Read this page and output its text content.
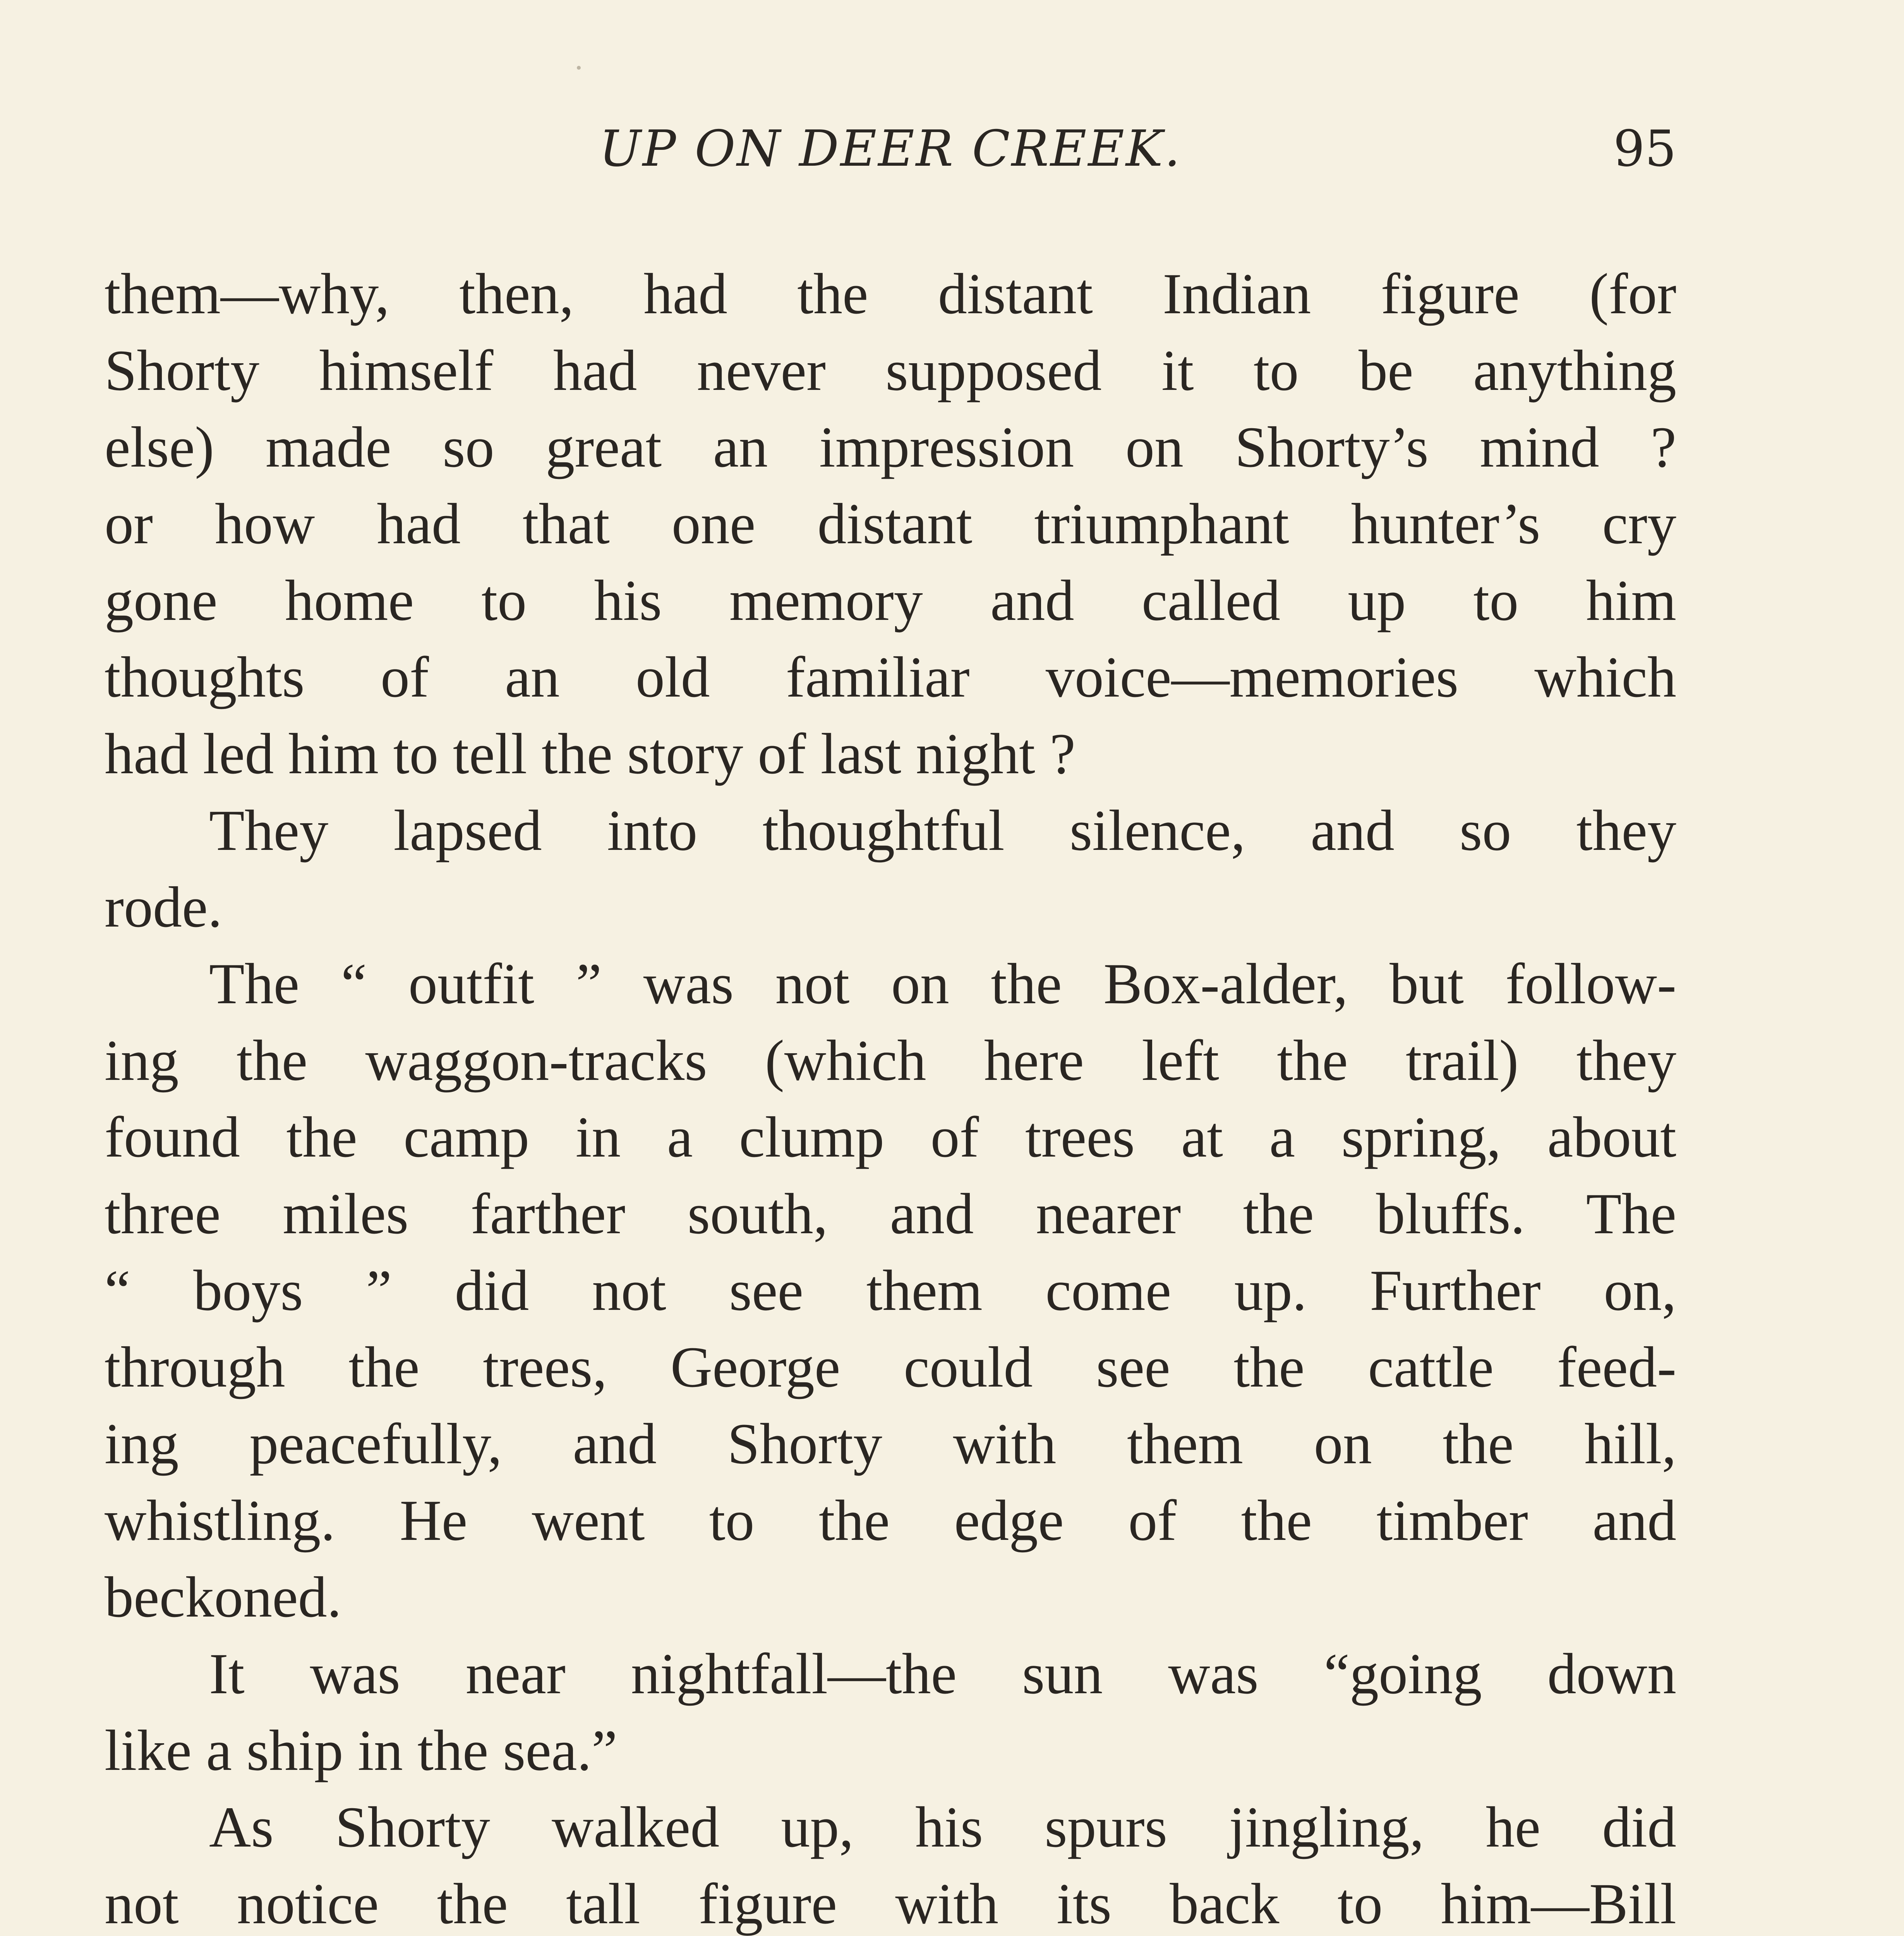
UP ON DEER CREEK.	95
them—why, then, had the distant Indian figure (for
Shorty himself had never supposed it to be anything
else) made so great an impression on Shorty’s mind ?
or how had that one distant triumphant hunter’s cry
gone home to his memory and called up to him
thoughts of an old familiar voice—memories which
had led him to tell the story of last night ?
They lapsed into thoughtful silence, and so they
rode.
The “ outfit ” was not on the Box-alder, but follow-
ing the waggon-tracks (which here left the trail) they
found the camp in a clump of trees at a spring, about
three miles farther south, and nearer the bluffs. The
“ boys ” did not see them come up. Further on,
through the trees, George could see the cattle feed-
ing peacefully, and Shorty with them on the hill,
whistling. He went to the edge of the timber and
beckoned.
It was near nightfall—the sun was “going down
like a ship in the sea.”
As Shorty walked up, his spurs jingling, he did
not notice the tall figure with its back to him—Bill
